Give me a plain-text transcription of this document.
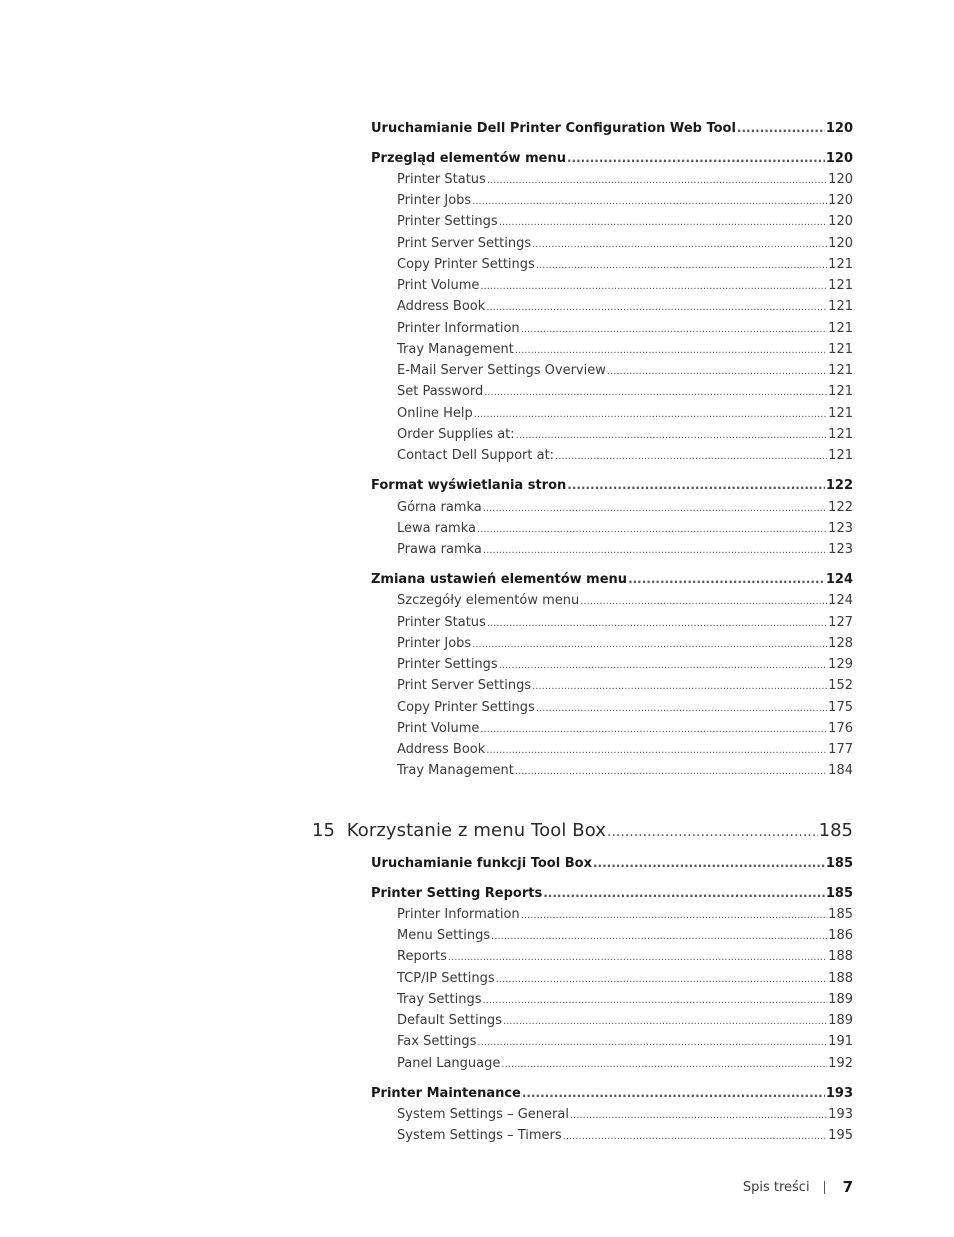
Uruchamianie Dell Printer Configuration Web Tool .....	120
Przegląd elementów menu .....	120
Printer Status .....	120
Printer Jobs .....	120
Printer Settings .....	120
Print Server Settings .....	120
Copy Printer Settings .....	121
Print Volume .....	121
Address Book .....	121
Printer Information .....	121
Tray Management .....	121
E-Mail Server Settings Overview .....	121
Set Password .....	121
Online Help .....	121
Order Supplies at: .....	121
Contact Dell Support at: .....	121
Format wyświetlania stron .....	122
Górna ramka .....	122
Lewa ramka .....	123
Prawa ramka .....	123
Zmiana ustawień elementów menu .....	124
Szczegóły elementów menu .....	124
Printer Status .....	127
Printer Jobs .....	128
Printer Settings .....	129
Print Server Settings .....	152
Copy Printer Settings .....	175
Print Volume .....	176
Address Book .....	177
Tray Management .....	184
15  Korzystanie z menu Tool Box .....	185
Uruchamianie funkcji Tool Box .....	185
Printer Setting Reports .....	185
Printer Information .....	185
Menu Settings .....	186
Reports .....	188
TCP/IP Settings .....	188
Tray Settings .....	189
Default Settings .....	189
Fax Settings .....	191
Panel Language .....	192
Printer Maintenance .....	193
System Settings – General .....	193
System Settings – Timers .....	195
Spis treści 7
